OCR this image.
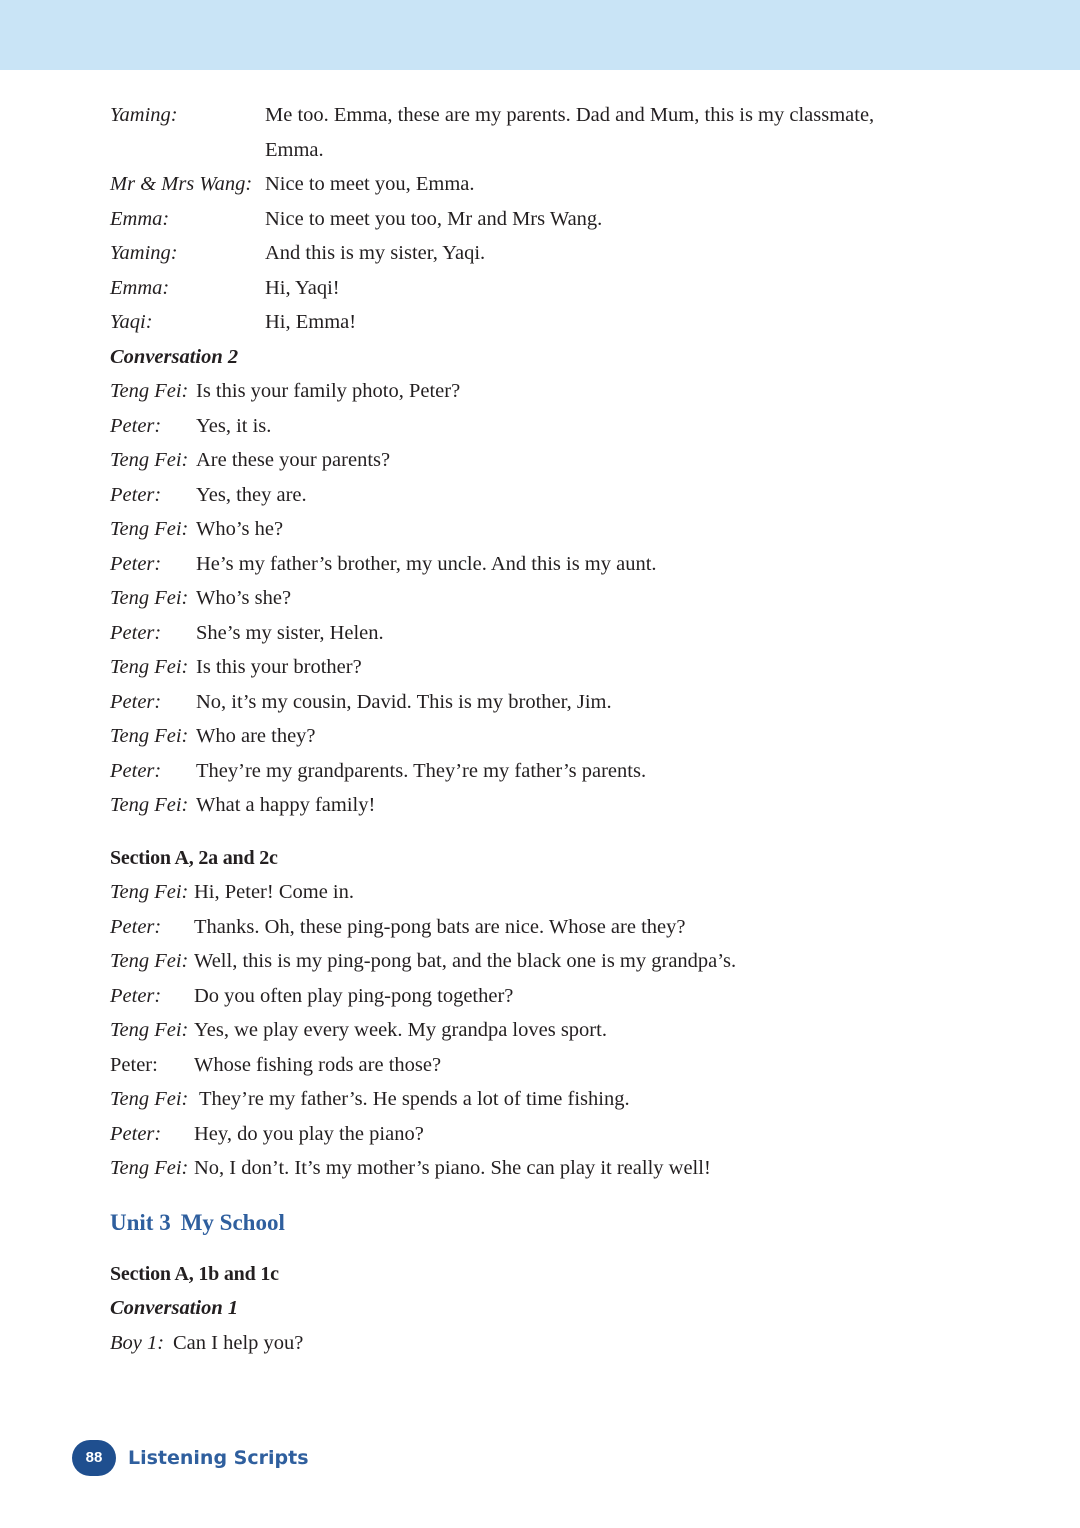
Yaming:	Me too. Emma, these are my parents. Dad and Mum, this is my classmate,
Emma.
Mr & Mrs Wang: Nice to meet you, Emma.
Emma:	Nice to meet you too, Mr and Mrs Wang.
Yaming:	And this is my sister, Yaqi.
Emma:	Hi, Yaqi!
Yaqi:	Hi, Emma!
Conversation 2
Teng Fei: Is this your family photo, Peter?
Peter: Yes, it is.
Teng Fei: Are these your parents?
Peter: Yes, they are.
Teng Fei: Who’s he?
Peter: He’s my father’s brother, my uncle. And this is my aunt.
Teng Fei: Who’s she?
Peter: She’s my sister, Helen.
Teng Fei: Is this your brother?
Peter: No, it’s my cousin, David. This is my brother, Jim.
Teng Fei: Who are they?
Peter: They’re my grandparents. They’re my father’s parents.
Teng Fei: What a happy family!
Section A, 2a and 2c
Teng Fei: Hi, Peter! Come in.
Peter: Thanks. Oh, these ping-pong bats are nice. Whose are they?
Teng Fei: Well, this is my ping-pong bat, and the black one is my grandpa’s.
Peter: Do you often play ping-pong together?
Teng Fei: Yes, we play every week. My grandpa loves sport.
Peter: Whose fishing rods are those?
Teng Fei: They’re my father’s. He spends a lot of time fishing.
Peter: Hey, do you play the piano?
Teng Fei: No, I don’t. It’s my mother’s piano. She can play it really well!
Unit 3 My School
Section A, 1b and 1c
Conversation 1
Boy 1: Can I help you?
88	Listening Scripts
